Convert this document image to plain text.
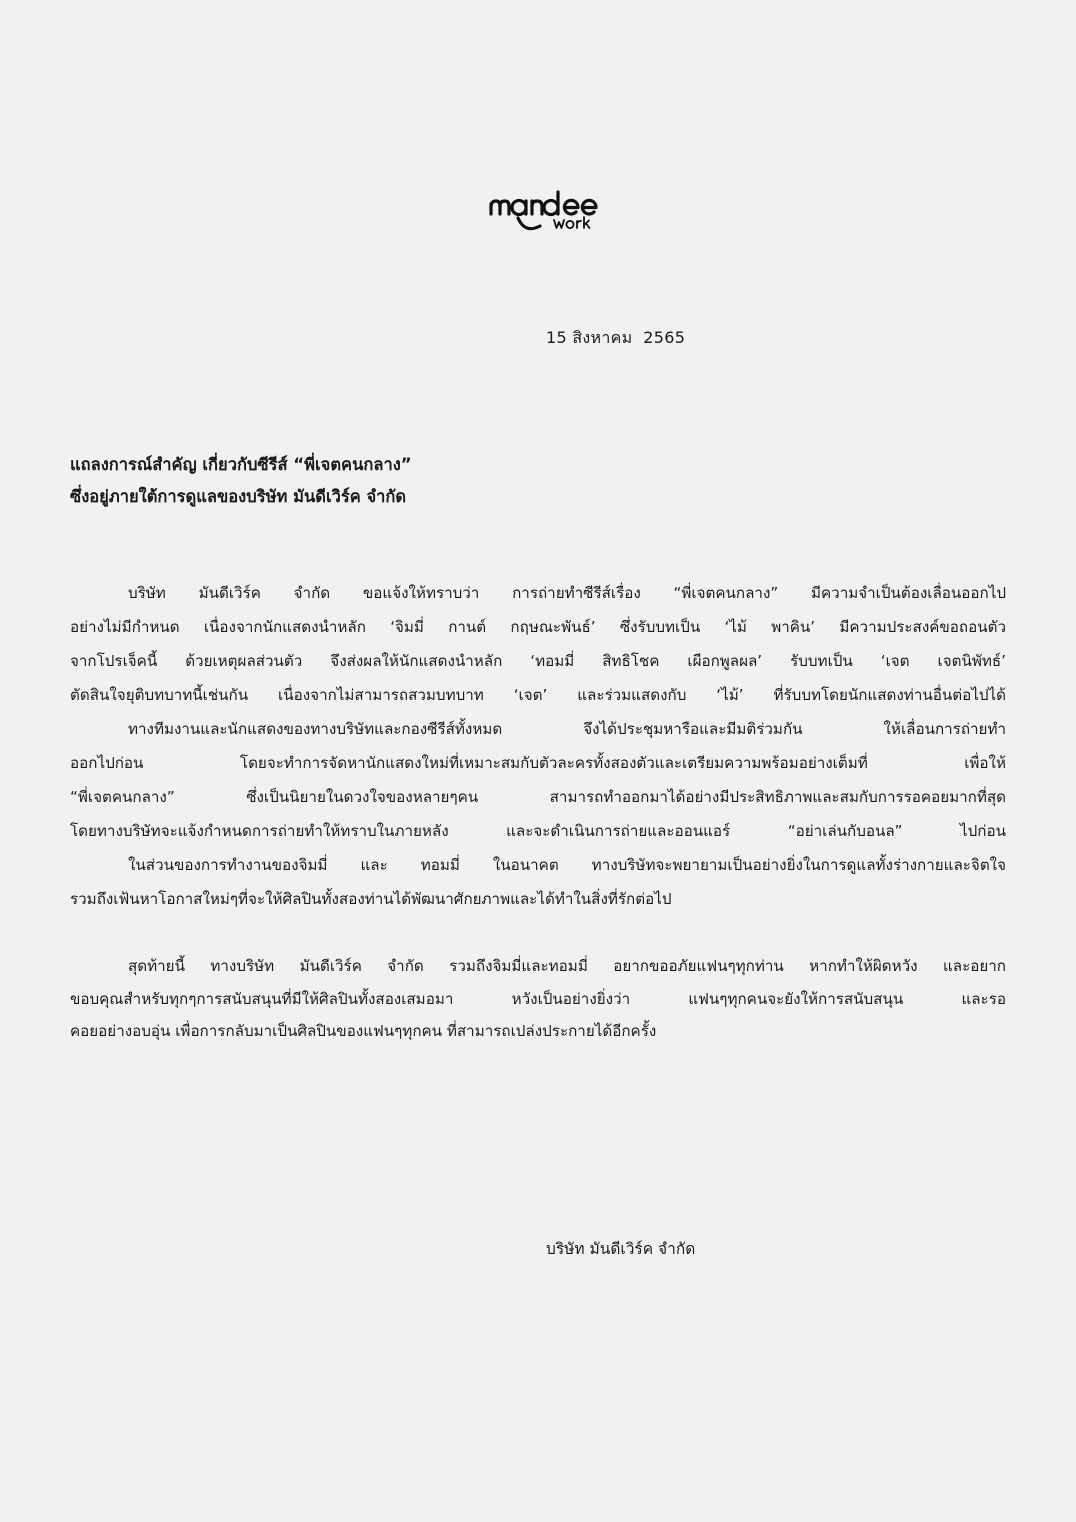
15 สิงหาคม  2565
แถลงการณ์สำคัญ เกี่ยวกับซีรีส์ “พี่เจตคนกลาง”
ซึ่งอยู่ภายใต้การดูแลของบริษัท มันดีเวิร์ค จำกัด
บริษัท มันดีเวิร์ค จำกัด ขอแจ้งให้ทราบว่า การถ่ายทำซีรีส์เรื่อง “พี่เจตคนกลาง” มีความจำเป็นต้องเลื่อนออกไป
อย่างไม่มีกำหนด เนื่องจากนักแสดงนำหลัก ‘จิมมี่ กานต์ กฤษณะพันธ์’ ซึ่งรับบทเป็น ‘ไม้ พาคิน’ มีความประสงค์ขอถอนตัว
จากโปรเจ็คนี้ ด้วยเหตุผลส่วนตัว จึงส่งผลให้นักแสดงนำหลัก ‘ทอมมี่ สิทธิโชค เผือกพูลผล’ รับบทเป็น ‘เจต เจตนิพัทธ์’
ตัดสินใจยุติบทบาทนี้เช่นกัน เนื่องจากไม่สามารถสวมบทบาท ‘เจต’ และร่วมแสดงกับ ‘ไม้’ ที่รับบทโดยนักแสดงท่านอื่นต่อไปได้
ทางทีมงานและนักแสดงของทางบริษัทและกองซีรีส์ทั้งหมด จึงได้ประชุมหารือและมีมติร่วมกัน ให้เลื่อนการถ่ายทำ
ออกไปก่อน โดยจะทำการจัดหานักแสดงใหม่ที่เหมาะสมกับตัวละครทั้งสองตัวและเตรียมความพร้อมอย่างเต็มที่ เพื่อให้
“พี่เจตคนกลาง” ซึ่งเป็นนิยายในดวงใจของหลายๆคน สามารถทำออกมาได้อย่างมีประสิทธิภาพและสมกับการรอคอยมากที่สุด
โดยทางบริษัทจะแจ้งกำหนดการถ่ายทำให้ทราบในภายหลัง และจะดำเนินการถ่ายและออนแอร์ “อย่าเล่นกับอนล” ไปก่อน
ในส่วนของการทำงานของจิมมี่ และ ทอมมี่ ในอนาคต ทางบริษัทจะพยายามเป็นอย่างยิ่งในการดูแลทั้งร่างกายและจิตใจ
รวมถึงเฟ้นหาโอกาสใหม่ๆที่จะให้ศิลปินทั้งสองท่านได้พัฒนาศักยภาพและได้ทำในสิ่งที่รักต่อไป
สุดท้ายนี้ ทางบริษัท มันดีเวิร์ค จำกัด รวมถึงจิมมี่และทอมมี่ อยากขออภัยแฟนๆทุกท่าน หากทำให้ผิดหวัง และอยาก
ขอบคุณสำหรับทุกๆการสนับสนุนที่มีให้ศิลปินทั้งสองเสมอมา หวังเป็นอย่างยิ่งว่า แฟนๆทุกคนจะยังให้การสนับสนุน และรอ
คอยอย่างอบอุ่น เพื่อการกลับมาเป็นศิลปินของแฟนๆทุกคน ที่สามารถเปล่งประกายได้อีกครั้ง
บริษัท มันดีเวิร์ค จำกัด
